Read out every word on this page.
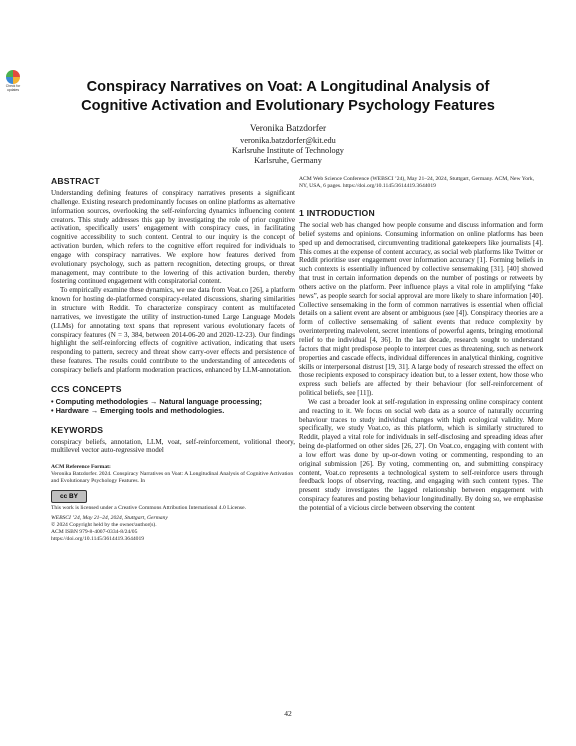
Check for updates	Conspiracy Narratives on Voat: A Longitudinal Analysis of
Cognitive Activation and Evolutionary Psychology Features
Veronika Batzdorfer
veronika.batzdorfer@kit.edu
Karlsruhe Institute of Technology
Karlsruhe, Germany
ABSTRACT

Understanding defining features of conspiracy narratives presents a significant challenge. Existing research predominantly focuses on online platforms as alternative information sources, overlooking the self-reinforcing dynamics influencing content creators. This study addresses this gap by investigating the role of prior cognitive activation, specifically users’ engagement with conspiracy cues, in facilitating cognitive accessibility to such content. Central to our inquiry is the concept of activation burden, which refers to the cognitive effort required for individuals to engage with conspiracy narratives. We explore how features derived from evolutionary psychology, such as pattern recognition, detecting groups, or threat management, may contribute to the lowering of this activation burden, thereby fostering continued engagement with conspiratorial content.

To empirically examine these dynamics, we use data from Voat.co [26], a platform known for hosting de-platformed conspiracy-related discussions, sharing similarities in structure with Reddit. To characterize conspiracy content as multifaceted narratives, we investigate the utility of instruction-tuned Large Language Models (LLMs) for annotating text spans that represent various evolutionary facets of conspiracy features (N = 3, 384, between 2014-06-20 and 2020-12-23). Our findings highlight the self-reinforcing effects of cognitive activation, indicating that users responding to pattern, secrecy and threat show carry-over effects and persistence of these features. The results could contribute to the understanding of antecedents of conspiracy beliefs and platform moderation practices, enhanced by LLM-annotation.

CCS CONCEPTS
• Computing methodologies → Natural language processing;
• Hardware → Emerging tools and methodologies.
KEYWORDS

conspiracy beliefs, annotation, LLM, voat, self-reinforcement, volitional theory, multilevel vector auto-regressive model

ACM Reference Format:
Veronika Batzdorfer. 2024. Conspiracy Narratives on Voat: A Longitudinal Analysis of Cognitive Activation and Evolutionary Psychology Features. In
cc BY
This work is licensed under a Creative Commons Attribution International 4.0 License.
WEBSCI ’24, May 21–24, 2024, Stuttgart, Germany
© 2024 Copyright held by the owner/author(s).
ACM ISBN 979-8-4007-0334-8/24/05
https://doi.org/10.1145/3614419.3644019
ACM Web Science Conference (WEBSCI ’24), May 21–24, 2024, Stuttgart, Germany. ACM, New York, NY, USA, 6 pages. https://doi.org/10.1145/3614419.3644019
1 INTRODUCTION

The social web has changed how people consume and discuss information and form belief systems and opinions. Consuming information on online platforms has been sped up and democratised, circumventing traditional gatekeepers like journalists [4]. This comes at the expense of content accuracy, as social web platforms like Twitter or Reddit prioritise user engagement over information accuracy [1]. Forming beliefs in such contexts is essentially influenced by collective sensemaking [31]. [40] showed that trust in certain information depends on the number of postings or retweets by others active on the platform. Peer influence plays a vital role in amplifying “fake news”, as people search for social approval are more likely to share information [40]. Collective sensemaking in the form of common narratives is essential when official details on a salient event are absent or ambiguous (see [4]). Conspiracy theories are a form of collective sensemaking of salient events that reduce complexity by overinterpreting malevolent, secret intentions of powerful agents, bringing emotional relief to the individual [4, 36]. In the last decade, research sought to understand factors that might predispose people to interpret cues as threatening, such as network properties and cascade effects, individual differences in analytical thinking, cognitive skills or interpersonal distrust [19, 31]. A large body of research stressed the effect on those recipients exposed to conspiracy ideation but, to a lesser extent, how those who express such beliefs are affected by their behaviour (for self-reinforcement of political beliefs, see [11]).

We cast a broader look at self-regulation in expressing online conspiracy content and reacting to it. We focus on social web data as a source of naturally occurring behaviour traces to study individual changes with high ecological validity. More specifically, we study Voat.co, as this platform, which is similarly structured to Reddit, played a vital role for individuals in self-disclosing and spreading ideas after being de-platformed on other sides [26, 27]. On Voat.co, engaging with content with a low effort was done by up-or-down voting or commenting, responding to an original submission [26]. By voting, commenting on, and submitting conspiracy content, Voat.co represents a technological system to self-reinforce users through feedback loops of observing, reacting, and engaging with such content types. The present study investigates the lagged relationship between engagement with conspiracy features and posting behaviour longitudinally. By doing so, we emphasise the potential of a vicious circle between observing the content

42
